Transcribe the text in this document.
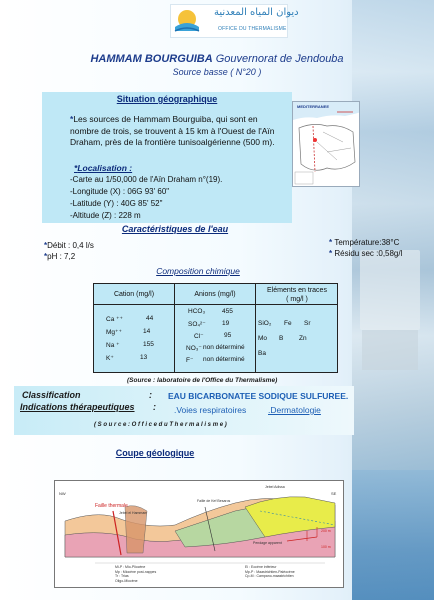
ديوان المياه المعدنية
OFFICE DU THERMALISME
HAMMAM BOURGUIBA Gouvernorat de Jendouba
Source basse ( N°20 )
Situation géographique
*Les sources de Hammam Bourguiba, qui sont en nombre de trois, se trouvent à 15 km à l'Ouest de l'Aïn Draham, près de la frontière tunisoalgérienne (500 m).
*Localisation :
-Carte au 1/50,000 de l'Aïn Draham n°(19).
-Longitude (X) : 06G 93' 60"
-Latitude (Y) : 40G 85' 52"
-Altitude (Z) : 228 m
MEDITERRANEE
Caractéristiques de l'eau
*Débit : 0,4 l/s
*pH : 7,2
* Température:38°C
* Résidu sec :0,58g/l
Composition chimique
Cation (mg/l)	Anions (mg/l)
Eléments en traces
( mg/l )
Ca ⁺⁺	44
Mg⁺⁺	14
Na ⁺	155
K⁺	13
HCO₃	455
SO₄²⁻	19
Cl⁻	95
NO₃⁻ non déterminé
F⁻ non déterminé
SiO₂ Fe Sr
Mo B Zn
Ba
(Source : laboratoire de l'Office du Thermalisme)
Classification	: EAU BICARBONATEE SODIQUE SULFUREE.
Indications thérapeutiques : .Voies respiratoires	.Dermatologie
( S o u r c e : O f f i c e d u T h e r m a l i s m e )
Coupe géologique
NW	SE
Faille thermale
Jebel Adissa
Jebel el Hammam
Faille de Kef Besaros
Pendage apparent
100 m
200 m
Mi-P : Mio-Pliocène
Mp : Miocène post-nappes
Tr : Trias
Oligo-Miocène
Ei : Eocène inférieur
Mp-P : Maastrichtien-Paléocène
Cp-M : Campano-maastrichtien
